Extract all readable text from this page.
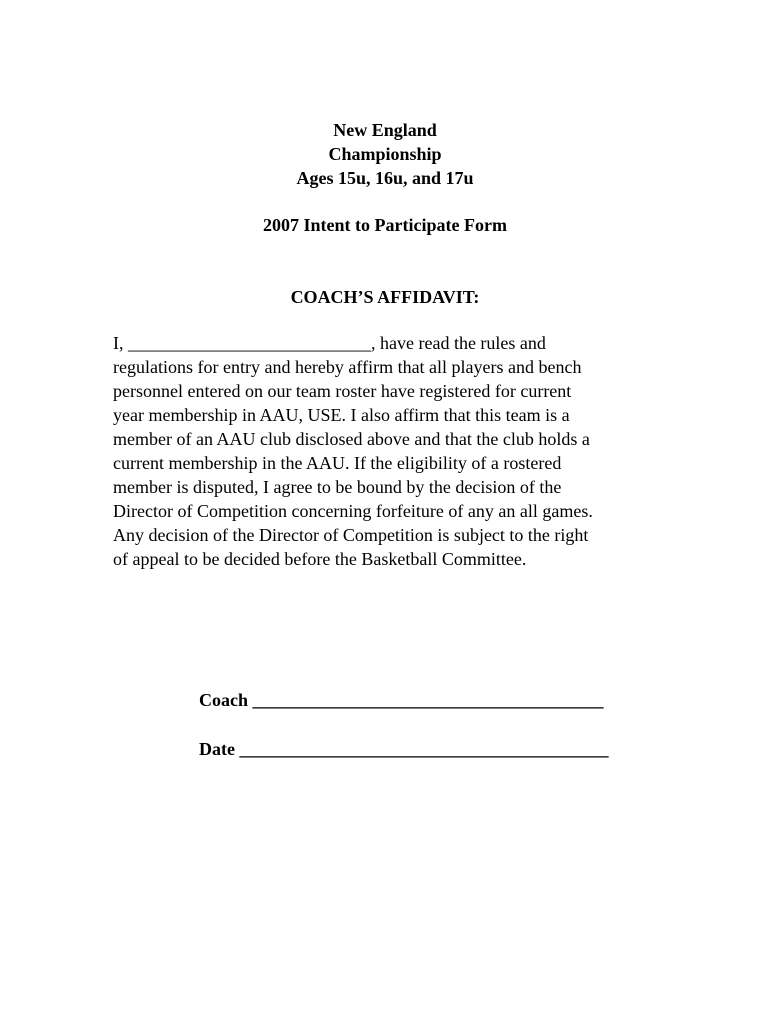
New England
Championship
Ages 15u, 16u, and 17u
2007 Intent to Participate Form
COACH’S AFFIDAVIT:
I, ___________________________, have read the rules and
regulations for entry and hereby affirm that all players and bench
personnel entered on our team roster have registered for current
year membership in AAU, USE. I also affirm that this team is a
member of an AAU club disclosed above and that the club holds a
current membership in the AAU. If the eligibility of a rostered
member is disputed, I agree to be bound by the decision of the
Director of Competition concerning forfeiture of any an all games.
Any decision of the Director of Competition is subject to the right
of appeal to be decided before the Basketball Committee.
Coach _______________________________________
Date _________________________________________
